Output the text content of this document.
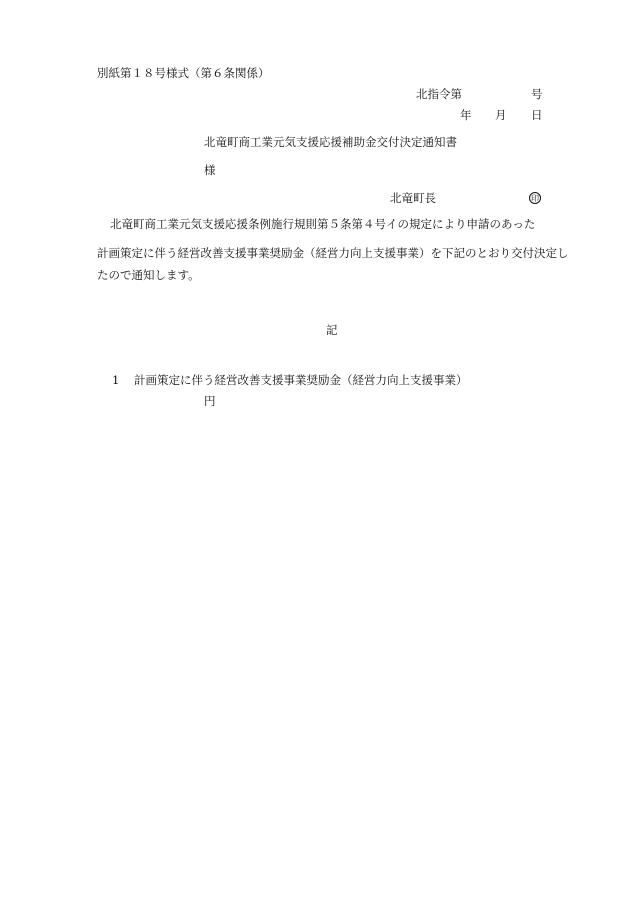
別紙第１８号様式（第６条関係）
北指令第	号
年 月 日
北竜町商工業元気支援応援補助金交付決定通知書
様
北竜町長	印
北竜町商工業元気支援応援条例施行規則第５条第４号イの規定により申請のあった
計画策定に伴う経営改善支援事業奨励金（経営力向上支援事業）を下記のとおり交付決定し
たので通知します。
記
1 計画策定に伴う経営改善支援事業奨励金（経営力向上支援事業）
円
